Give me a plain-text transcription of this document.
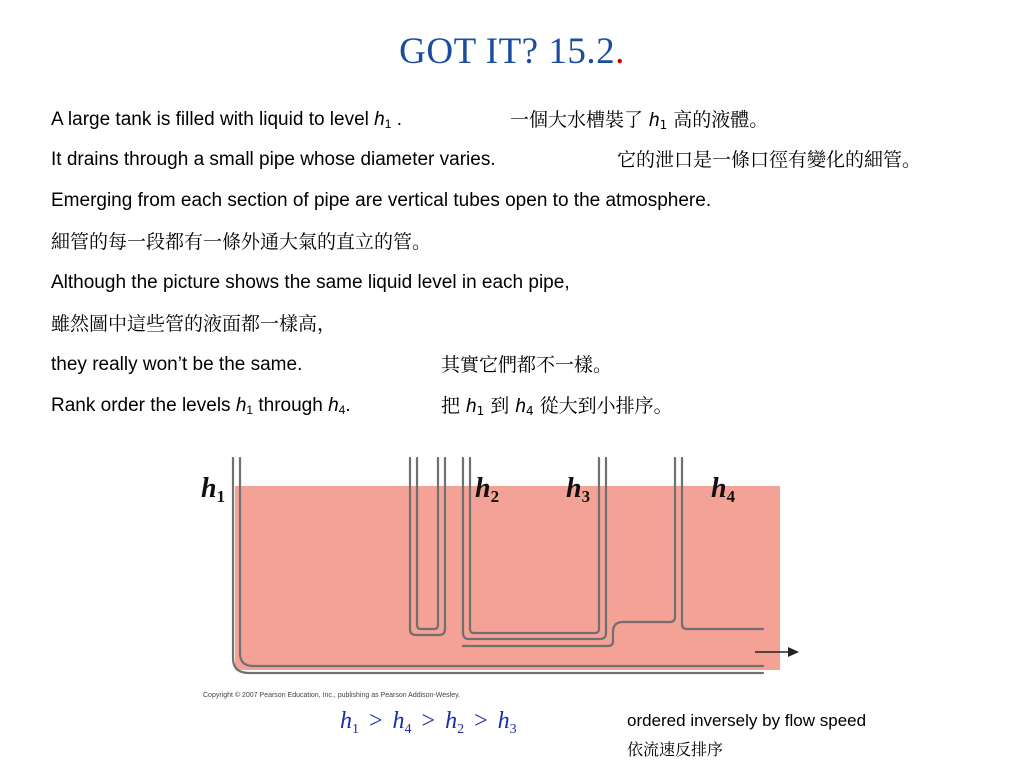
GOT IT? 15.2.
A large tank is filled with liquid to level $h_1$ .	一個大水槽裝了 $h_1$ 高的液體。
It drains through a small pipe whose diameter varies.	它的泄口是一條口徑有變化的細管。
Emerging from each section of pipe are vertical tubes open to the atmosphere.
細管的每一段都有一條外通大氣的直立的管。
Although the picture shows the same liquid level in each pipe,
雖然圖中這些管的液面都一樣高，
they really won’t be the same.	其實它們都不一樣。
Rank order the levels $h_1$ through $h_4$.	把 $h_1$ 到 $h_4$ 從大到小排序。
h1	h2 h3	h4
Copyright © 2007 Pearson Education, Inc., publishing as Pearson Addison-Wesley.
$h_1 > h_4 > h_2 > h_3$	ordered inversely by flow speed
依流速反排序
